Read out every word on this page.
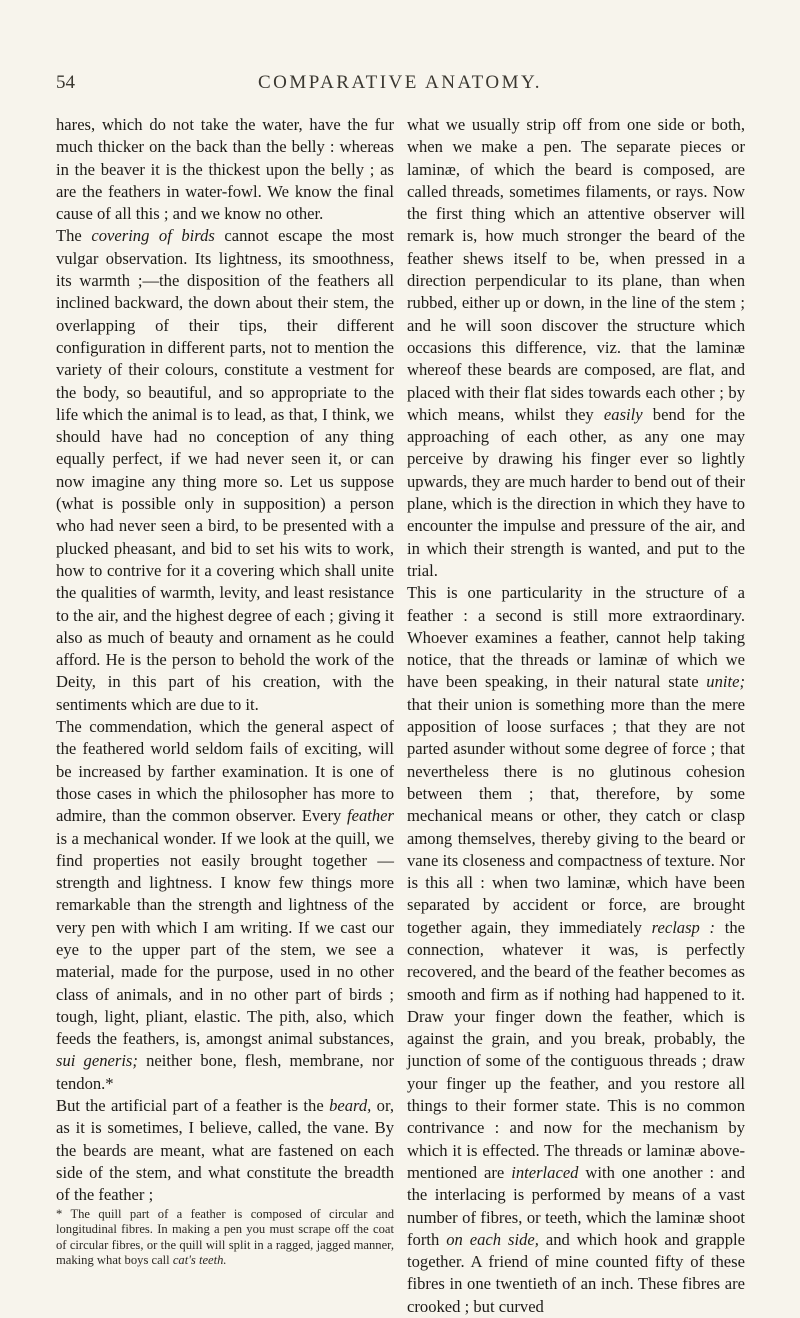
54	COMPARATIVE ANATOMY.

hares, which do not take the water, have the fur much thicker on the back than the belly : whereas in the beaver it is the thickest upon the belly ; as are the feathers in water-fowl. We know the final cause of all this ; and we know no other.

The covering of birds cannot escape the most vulgar observation. Its lightness, its smoothness, its warmth ;—the disposition of the feathers all inclined backward, the down about their stem, the overlapping of their tips, their different configuration in different parts, not to mention the variety of their colours, constitute a vestment for the body, so beautiful, and so appropriate to the life which the animal is to lead, as that, I think, we should have had no conception of any thing equally perfect, if we had never seen it, or can now imagine any thing more so. Let us suppose (what is possible only in supposition) a person who had never seen a bird, to be presented with a plucked pheasant, and bid to set his wits to work, how to contrive for it a covering which shall unite the qualities of warmth, levity, and least resistance to the air, and the highest degree of each ; giving it also as much of beauty and ornament as he could afford. He is the person to behold the work of the Deity, in this part of his creation, with the sentiments which are due to it.

The commendation, which the general aspect of the feathered world seldom fails of exciting, will be increased by farther examination. It is one of those cases in which the philosopher has more to admire, than the common observer. Every feather is a mechanical wonder. If we look at the quill, we find properties not easily brought together —strength and lightness. I know few things more remarkable than the strength and lightness of the very pen with which I am writing. If we cast our eye to the upper part of the stem, we see a material, made for the purpose, used in no other class of animals, and in no other part of birds ; tough, light, pliant, elastic. The pith, also, which feeds the feathers, is, amongst animal substances, sui generis; neither bone, flesh, membrane, nor tendon.*

But the artificial part of a feather is the beard, or, as it is sometimes, I believe, called, the vane. By the beards are meant, what are fastened on each side of the stem, and what constitute the breadth of the feather ;

* The quill part of a feather is composed of circular and longitudinal fibres. In making a pen you must scrape off the coat of circular fibres, or the quill will split in a ragged, jagged manner, making what boys call cat's teeth.

what we usually strip off from one side or both, when we make a pen. The separate pieces or laminæ, of which the beard is composed, are called threads, sometimes filaments, or rays. Now the first thing which an attentive observer will remark is, how much stronger the beard of the feather shews itself to be, when pressed in a direction perpendicular to its plane, than when rubbed, either up or down, in the line of the stem ; and he will soon discover the structure which occasions this difference, viz. that the laminæ whereof these beards are composed, are flat, and placed with their flat sides towards each other ; by which means, whilst they easily bend for the approaching of each other, as any one may perceive by drawing his finger ever so lightly upwards, they are much harder to bend out of their plane, which is the direction in which they have to encounter the impulse and pressure of the air, and in which their strength is wanted, and put to the trial.

This is one particularity in the structure of a feather : a second is still more extraordinary. Whoever examines a feather, cannot help taking notice, that the threads or laminæ of which we have been speaking, in their natural state unite; that their union is something more than the mere apposition of loose surfaces ; that they are not parted asunder without some degree of force ; that nevertheless there is no glutinous cohesion between them ; that, therefore, by some mechanical means or other, they catch or clasp among themselves, thereby giving to the beard or vane its closeness and compactness of texture. Nor is this all : when two laminæ, which have been separated by accident or force, are brought together again, they immediately reclasp : the connection, whatever it was, is perfectly recovered, and the beard of the feather becomes as smooth and firm as if nothing had happened to it. Draw your finger down the feather, which is against the grain, and you break, probably, the junction of some of the contiguous threads ; draw your finger up the feather, and you restore all things to their former state. This is no common contrivance : and now for the mechanism by which it is effected. The threads or laminæ above-mentioned are interlaced with one another : and the interlacing is performed by means of a vast number of fibres, or teeth, which the laminæ shoot forth on each side, and which hook and grapple together. A friend of mine counted fifty of these fibres in one twentieth of an inch. These fibres are crooked ; but curved
